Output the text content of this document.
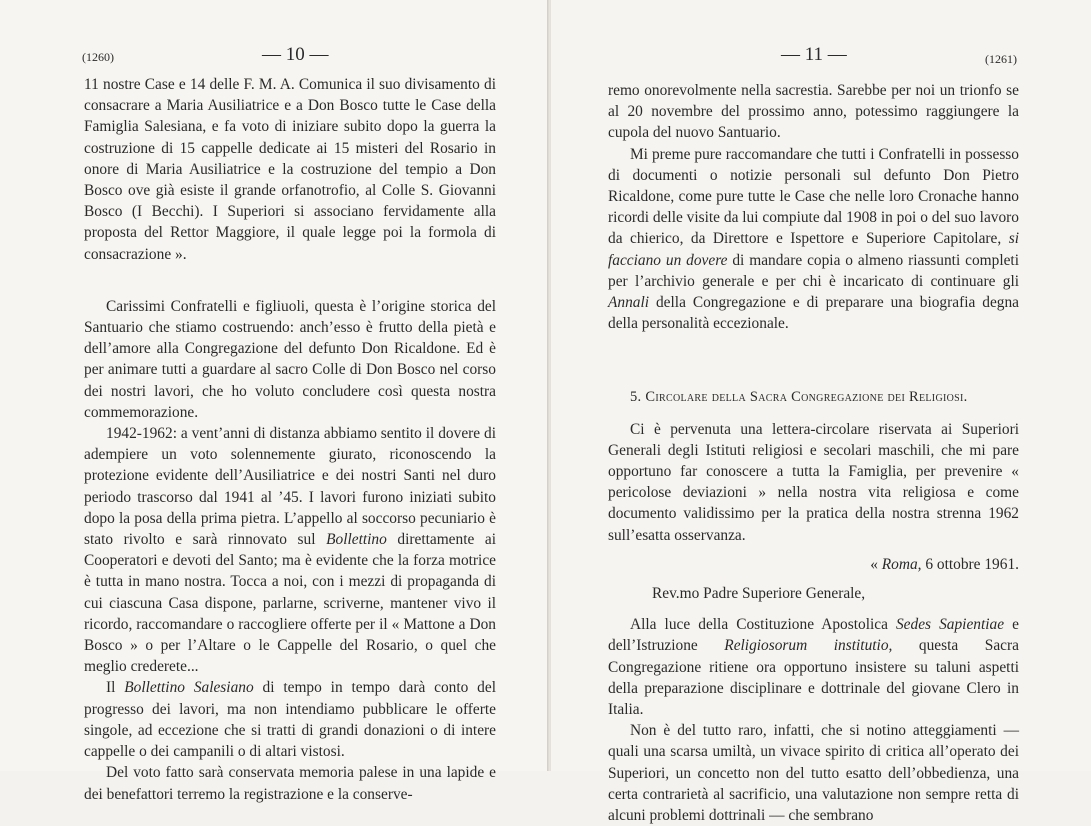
(1260)	— 10 —

11 nostre Case e 14 delle F. M. A. Comunica il suo divisamento di consacrare a Maria Ausiliatrice e a Don Bosco tutte le Case della Famiglia Salesiana, e fa voto di iniziare subito dopo la guerra la costruzione di 15 cappelle dedicate ai 15 misteri del Rosario in onore di Maria Ausiliatrice e la costruzione del tempio a Don Bosco ove già esiste il grande orfanotrofio, al Colle S. Giovanni Bosco (I Becchi). I Superiori si associano fervidamente alla proposta del Rettor Maggiore, il quale legge poi la formola di consacrazione ».

Carissimi Confratelli e figliuoli, questa è l’origine storica del Santuario che stiamo costruendo: anch’esso è frutto della pietà e dell’amore alla Congregazione del defunto Don Ricaldone. Ed è per animare tutti a guardare al sacro Colle di Don Bosco nel corso dei nostri lavori, che ho voluto concludere così questa nostra commemorazione.

1942-1962: a vent’anni di distanza abbiamo sentito il dovere di adempiere un voto solennemente giurato, riconoscendo la protezione evidente dell’Ausiliatrice e dei nostri Santi nel duro periodo trascorso dal 1941 al ’45. I lavori furono iniziati subito dopo la posa della prima pietra. L’appello al soccorso pecuniario è stato rivolto e sarà rinnovato sul Bollettino direttamente ai Cooperatori e devoti del Santo; ma è evidente che la forza motrice è tutta in mano nostra. Tocca a noi, con i mezzi di propaganda di cui ciascuna Casa dispone, parlarne, scriverne, mantener vivo il ricordo, raccomandare o raccogliere offerte per il « Mattone a Don Bosco » o per l’Altare o le Cappelle del Rosario, o quel che meglio crederete...

Il Bollettino Salesiano di tempo in tempo darà conto del progresso dei lavori, ma non intendiamo pubblicare le offerte singole, ad eccezione che si tratti di grandi donazioni o di intere cappelle o dei campanili o di altari vistosi.

Del voto fatto sarà conservata memoria palese in una lapide e dei benefattori terremo la registrazione e la conserve-

— 11 —	(1261)

remo onorevolmente nella sacrestia. Sarebbe per noi un trionfo se al 20 novembre del prossimo anno, potessimo raggiungere la cupola del nuovo Santuario.

Mi preme pure raccomandare che tutti i Confratelli in possesso di documenti o notizie personali sul defunto Don Pietro Ricaldone, come pure tutte le Case che nelle loro Cronache hanno ricordi delle visite da lui compiute dal 1908 in poi o del suo lavoro da chierico, da Direttore e Ispettore e Superiore Capitolare, si facciano un dovere di mandare copia o almeno riassunti completi per l’archivio generale e per chi è incaricato di continuare gli Annali della Congregazione e di preparare una biografia degna della personalità eccezionale.

5. Circolare della Sacra Congregazione dei Religiosi.

Ci è pervenuta una lettera-circolare riservata ai Superiori Generali degli Istituti religiosi e secolari maschili, che mi pare opportuno far conoscere a tutta la Famiglia, per prevenire « pericolose deviazioni » nella nostra vita religiosa e come documento validissimo per la pratica della nostra strenna 1962 sull’esatta osservanza.

« Roma, 6 ottobre 1961.

Rev.mo Padre Superiore Generale,

Alla luce della Costituzione Apostolica Sedes Sapientiae e dell’Istruzione Religiosorum institutio, questa Sacra Congregazione ritiene ora opportuno insistere su taluni aspetti della preparazione disciplinare e dottrinale del giovane Clero in Italia.

Non è del tutto raro, infatti, che si notino atteggiamenti — quali una scarsa umiltà, un vivace spirito di critica all’operato dei Superiori, un concetto non del tutto esatto dell’obbedienza, una certa contrarietà al sacrificio, una valutazione non sempre retta di alcuni problemi dottrinali — che sembrano
